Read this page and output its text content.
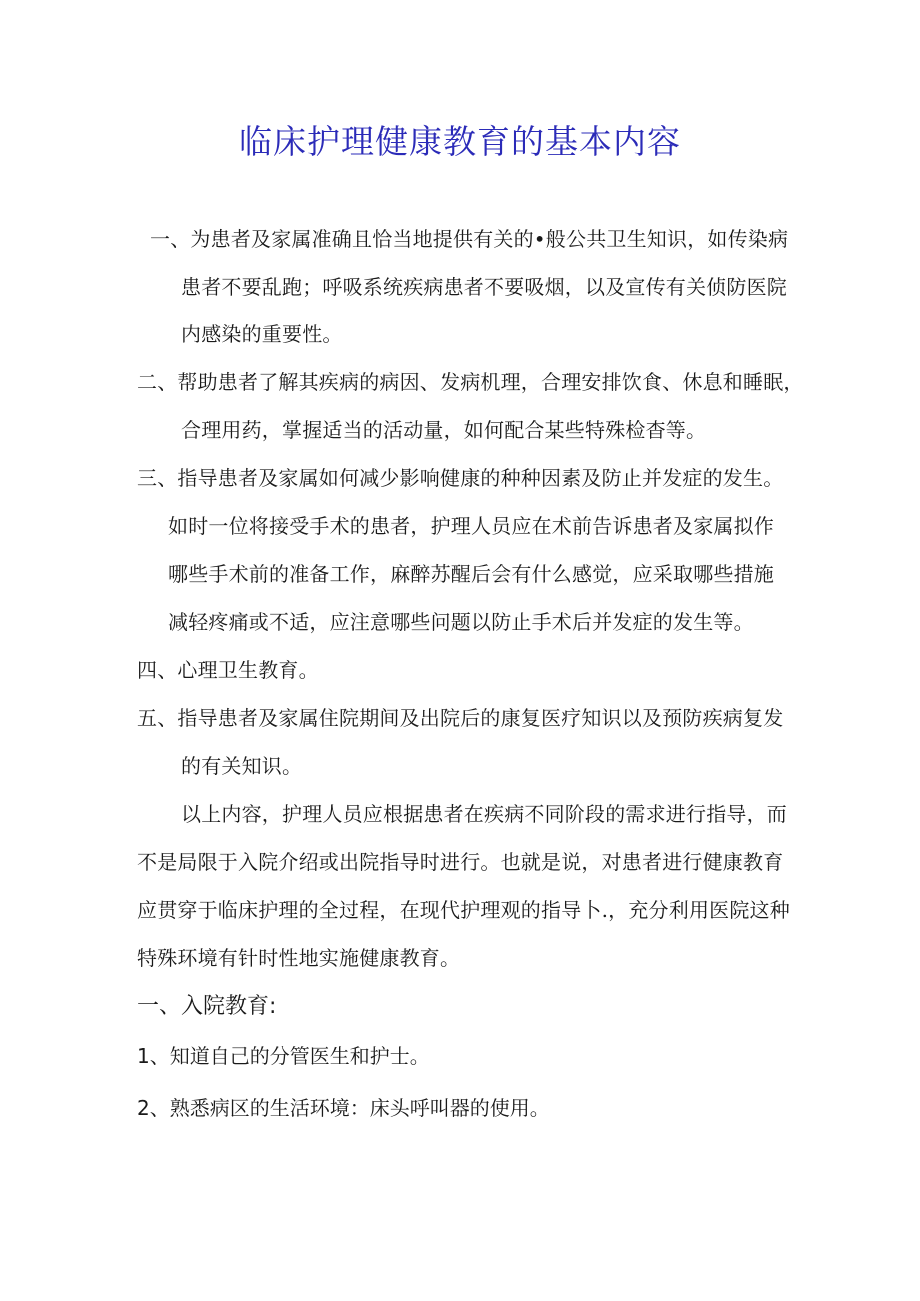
临床护理健康教育的基本内容
一、为患者及家属准确且恰当地提供有关的•般公共卫生知识，如传染病
患者不要乱跑；呼吸系统疾病患者不要吸烟，以及宣传有关侦防医院
内感染的重要性。
二、帮助患者了解其疾病的病因、发病机理，合理安排饮食、休息和睡眠，
合理用药，掌握适当的活动量，如何配合某些特殊检杳等。
三、指导患者及家属如何减少影响健康的种种因素及防止并发症的发生。
如时一位将接受手术的患者，护理人员应在术前告诉患者及家属拟作
哪些手术前的准备工作，麻醉苏醒后会有什么感觉，应采取哪些措施
减轻疼痛或不适，应注意哪些问题以防止手术后并发症的发生等。
四、心理卫生教育。
五、指导患者及家属住院期间及出院后的康复医疗知识以及预防疾病复发
的有关知识。
以上内容，护理人员应根据患者在疾病不同阶段的需求进行指导，而
不是局限于入院介绍或出院指导时进行。也就是说，对患者进行健康教育
应贯穿于临床护理的全过程，在现代护理观的指导卜.，充分利用医院这种
特殊环境有针时性地实施健康教育。
一、入院教育:
1、知道自己的分管医生和护士。
2、熟悉病区的生活环境：床头呼叫器的使用。
